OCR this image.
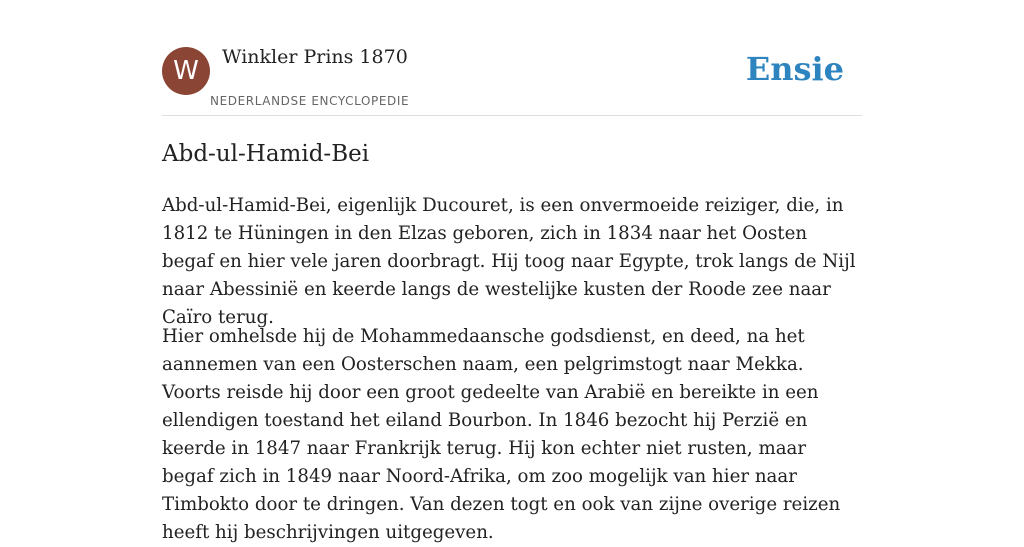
W	Winkler Prins 1870
NEDERLANDSE ENCYCLOPEDIE
Ensie
Abd-ul-Hamid-Bei

Abd-ul-Hamid-Bei, eigenlijk Ducouret, is een onvermoeide reiziger, die, in 1812 te Hüningen in den Elzas geboren, zich in 1834 naar het Oosten begaf en hier vele jaren doorbragt. Hij toog naar Egypte, trok langs de Nijl naar Abessinië en keerde langs de westelijke kusten der Roode zee naar Caïro terug.

Hier omhelsde hij de Mohammedaansche godsdienst, en deed, na het aannemen van een Oosterschen naam, een pelgrimstogt naar Mekka. Voorts reisde hij door een groot gedeelte van Arabië en bereikte in een ellendigen toestand het eiland Bourbon. In 1846 bezocht hij Perzië en keerde in 1847 naar Frankrijk terug. Hij kon echter niet rusten, maar begaf zich in 1849 naar Noord-Afrika, om zoo mogelijk van hier naar Timbokto door te dringen. Van dezen togt en ook van zijne overige reizen heeft hij beschrijvingen uitgegeven.
